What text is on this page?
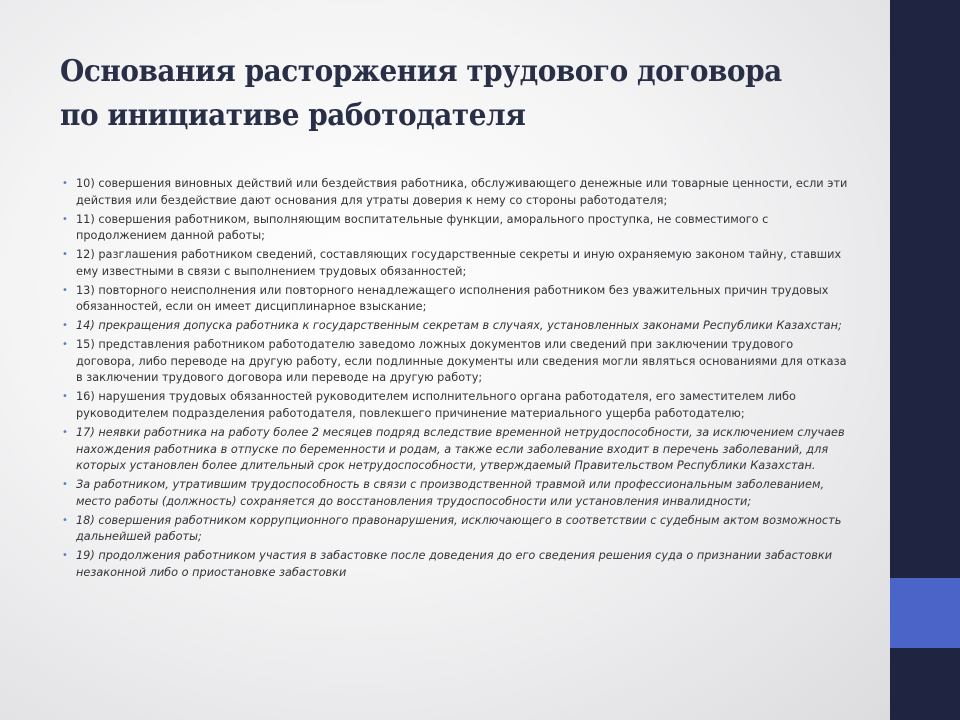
Основания расторжения трудового договора
по инициативе работодателя
• 10) совершения виновных действий или бездействия работника, обслуживающего денежные или товарные ценности, если эти действия или бездействие дают основания для утраты доверия к нему со стороны работодателя;
• 11) совершения работником, выполняющим воспитательные функции, аморального проступка, не совместимого с продолжением данной работы;
• 12) разглашения работником сведений, составляющих государственные секреты и иную охраняемую законом тайну, ставших ему известными в связи с выполнением трудовых обязанностей;
• 13) повторного неисполнения или повторного ненадлежащего исполнения работником без уважительных причин трудовых обязанностей, если он имеет дисциплинарное взыскание;
• 14) прекращения допуска работника к государственным секретам в случаях, установленных законами Республики Казахстан;
• 15) представления работником работодателю заведомо ложных документов или сведений при заключении трудового договора, либо переводе на другую работу, если подлинные документы или сведения могли являться основаниями для отказа в заключении трудового договора или переводе на другую работу;
• 16) нарушения трудовых обязанностей руководителем исполнительного органа работодателя, его заместителем либо руководителем подразделения работодателя, повлекшего причинение материального ущерба работодателю;
• 17) неявки работника на работу более 2 месяцев подряд вследствие временной нетрудоспособности, за исключением случаев нахождения работника в отпуске по беременности и родам, а также если заболевание входит в перечень заболеваний, для которых установлен более длительный срок нетрудоспособности, утверждаемый Правительством Республики Казахстан.
• За работником, утратившим трудоспособность в связи с производственной травмой или профессиональным заболеванием, место работы (должность) сохраняется до восстановления трудоспособности или установления инвалидности;
• 18) совершения работником коррупционного правонарушения, исключающего в соответствии с судебным актом возможность дальнейшей работы;
• 19) продолжения работником участия в забастовке после доведения до его сведения решения суда о признании забастовки незаконной либо о приостановке забастовки
